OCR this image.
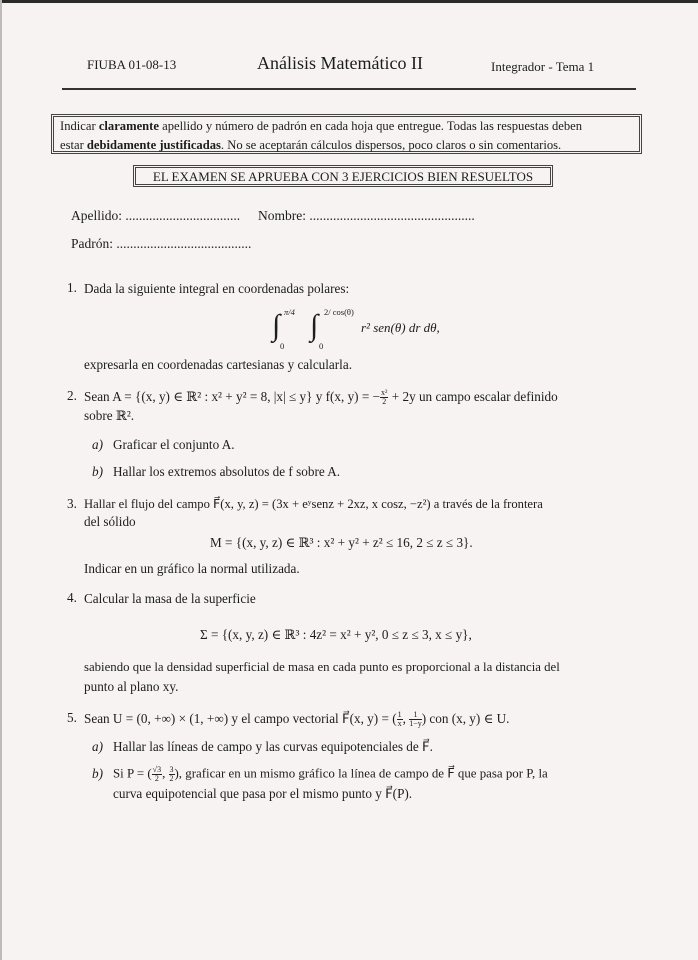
FIUBA 01-08-13	Análisis Matemático II	Integrador - Tema 1
Indicar claramente apellido y número de padrón en cada hoja que entregue. Todas las respuestas deben
estar debidamente justificadas. No se aceptarán cálculos dispersos, poco claros o sin comentarios.
EL EXAMEN SE APRUEBA CON 3 EJERCICIOS BIEN RESUELTOS
Apellido: .................................. Nombre: .................................................
Padrón: ........................................
1. Dada la siguiente integral en coordenadas polares:
∫ π/4
0
∫ 2/ cos(θ)
0
r² sen(θ) dr dθ,
expresarla en coordenadas cartesianas y calcularla.
2. Sean A = {(x, y) ∈ ℝ² : x² + y² = 8, |x| ≤ y} y f(x, y) = − $\frac{\text{x²}}{2} + 2y$ un campo escalar definido
sobre ℝ².
a) Graficar el conjunto A.
b) Hallar los extremos absolutos de f sobre A.
3. Hallar el flujo del campo F⃗(x, y, z) = (3x + eʸsenz + 2xz, x cosz, −z²) a través de la frontera
del sólido
M = {(x, y, z) ∈ ℝ³ : x² + y² + z² ≤ 16, 2 ≤ z ≤ 3}.
Indicar en un gráfico la normal utilizada.
4. Calcular la masa de la superficie
Σ = {(x, y, z) ∈ ℝ³ : 4z² = x² + y², 0 ≤ z ≤ 3, x ≤ y},
sabiendo que la densidad superficial de masa en cada punto es proporcional a la distancia del
punto al plano xy.
5. Sean U = (0, +∞) × (1, +∞) y el campo vectorial F⃗(x, y) = ( $\frac{1}{x}$ , $\frac{1}{1-y}$ ) con (x, y) ∈ U.
a) Hallar las líneas de campo y las curvas equipotenciales de F⃗.
b) Si P = ( $\frac{√3}{2}$ , $\frac{3}{2}$ ), graficar en un mismo gráfico la línea de campo de F⃗ que pasa por P, la
curva equipotencial que pasa por el mismo punto y F⃗(P).
